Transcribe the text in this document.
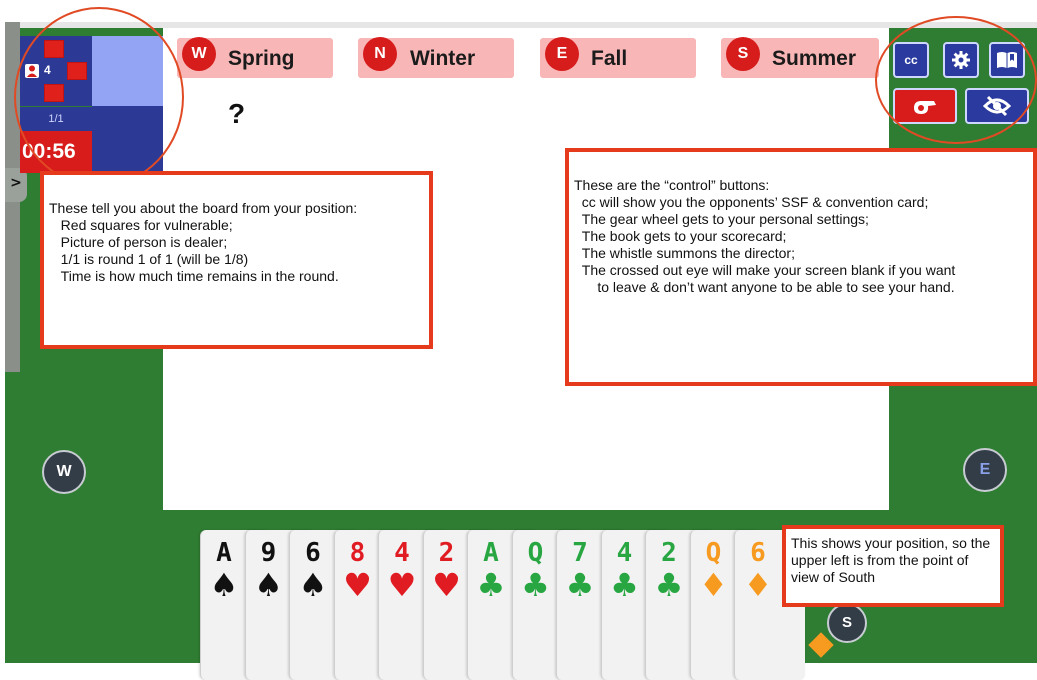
>
4
1/1
00:56
W	Spring	N	Winter	E	Fall	S	Summer
?
cc
These tell you about the board from your position:
Red squares for vulnerable;
Picture of person is dealer;
1/1 is round 1 of 1 (will be 1/8)
Time is how much time remains in the round.
These are the “control” buttons:
cc will show you the opponents’ SSF & convention card;
The gear wheel gets to your personal settings;
The book gets to your scorecard;
The whistle summons the director;
The crossed out eye will make your screen blank if you want
to leave & don’t want anyone to be able to see your hand.
W	E
A
♠
9
♠
6
♠
8
♥
4
♥
2
♥
A
♣
Q
♣
7
♣
4
♣
2
♣
Q
♦
6
♦
S
This shows your position, so the upper left is from the point of view of South
